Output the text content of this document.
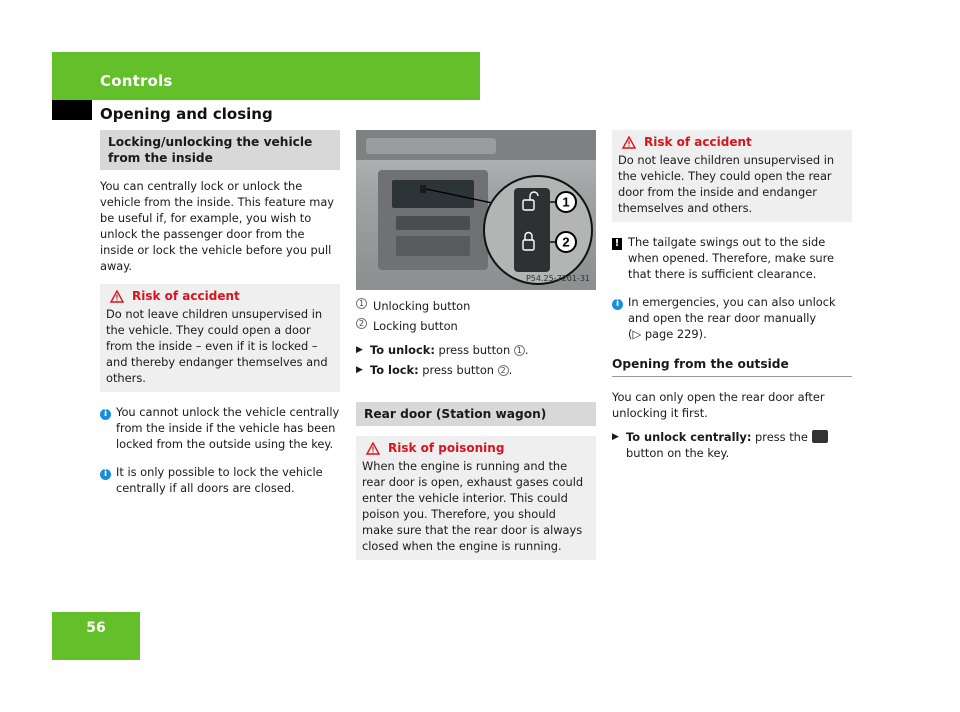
Controls
Opening and closing
Locking/unlocking the vehicle from the inside

You can centrally lock or unlock the vehicle from the inside. This feature may be useful if, for example, you wish to unlock the passenger door from the inside or lock the vehicle before you pull away.

Risk of accident

Do not leave children unsupervised in the vehicle. They could open a door from the inside – even if it is locked – and thereby endanger themselves and others.

i You cannot unlock the vehicle centrally from the inside if the vehicle has been locked from the outside using the key.

i It is only possible to lock the vehicle centrally if all doors are closed.

1
2
P54.25-7201-31
1 Unlocking button
2 Locking button
▶ To unlock: press button 1 .

▶ To lock: press button 2 .

Rear door (Station wagon)
Risk of poisoning

When the engine is running and the rear door is open, exhaust gases could enter the vehicle interior. This could poison you. Therefore, you should make sure that the rear door is always closed when the engine is running.

Risk of accident

Do not leave children unsupervised in the vehicle. They could open the rear door from the inside and endanger themselves and others.

! The tailgate swings out to the side when opened. Therefore, make sure that there is sufficient clearance.

i In emergencies, you can also unlock and open the rear door manually
(▷ page 229).

Opening from the outside

You can only open the rear door after unlocking it first.

▶ To unlock centrally: press the  button on the key.

56
